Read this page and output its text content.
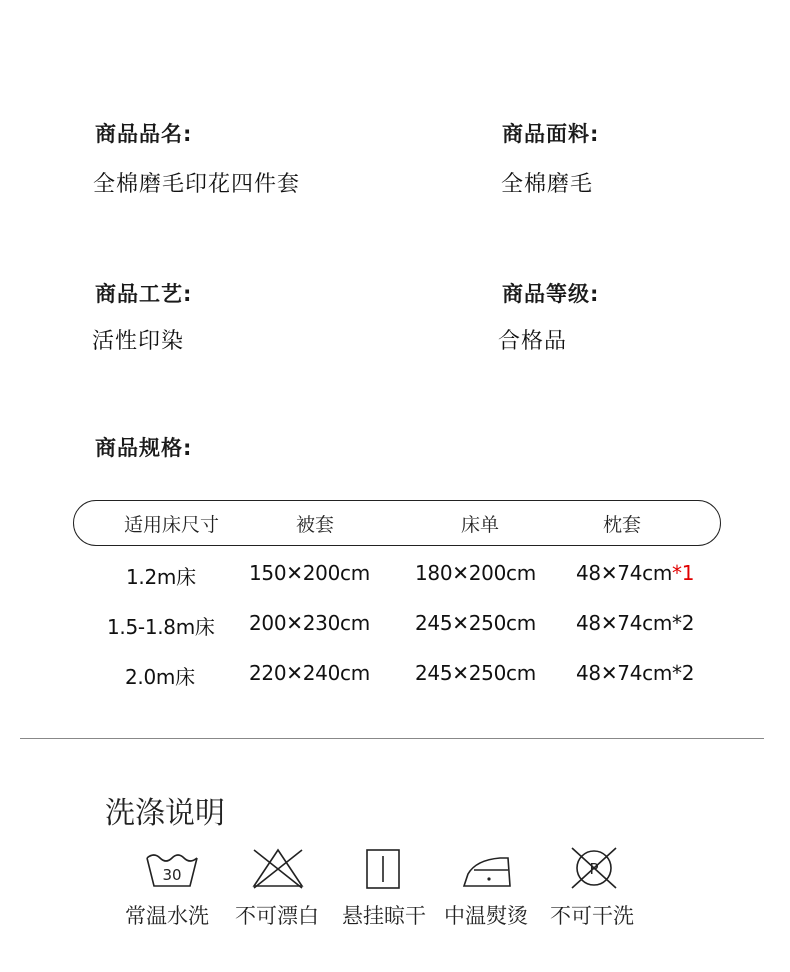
商品品名:
全棉磨毛印花四件套
商品面料:
全棉磨毛
商品工艺:
活性印染
商品等级:
合格品
商品规格:
适用床尺寸	被套	床单	枕套
1.2m床	150✕200cm 180✕200cm 48✕74cm*1
1.5-1.8m床 200✕230cm 245✕250cm 48✕74cm*2
2.0m床	220✕240cm 245✕250cm 48✕74cm*2
洗涤说明
30	P
常温水洗 不可漂白 悬挂晾干 中温熨烫 不可干洗
